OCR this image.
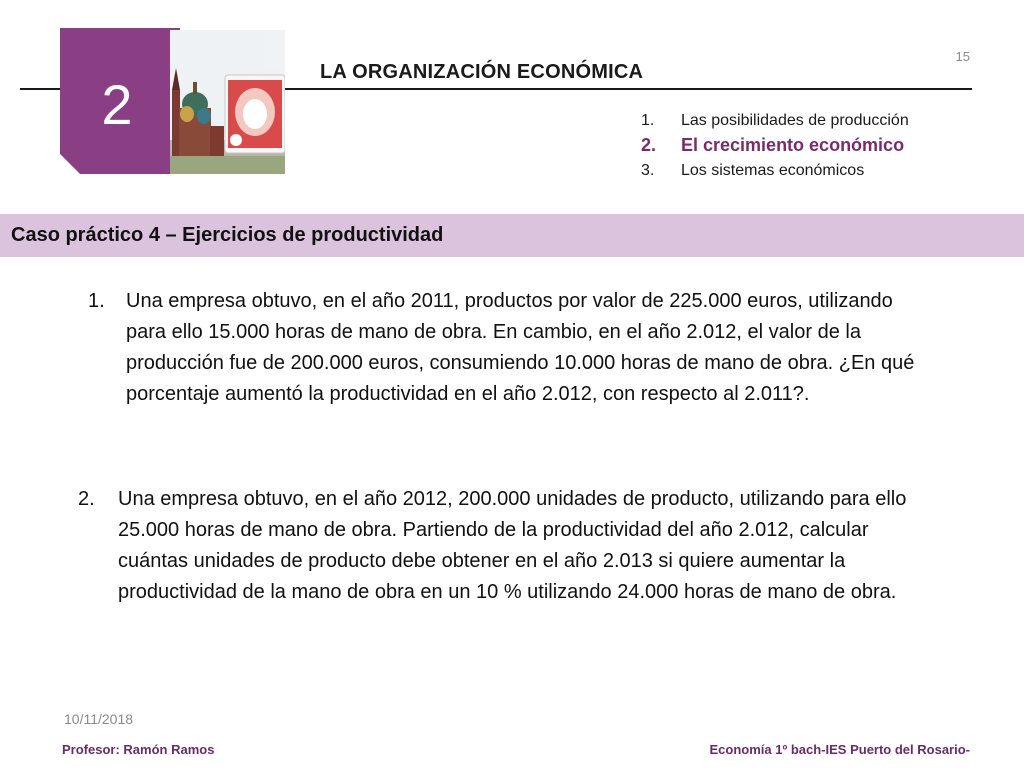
15
2
LA ORGANIZACIÓN ECONÓMICA
1.	Las posibilidades de producción
2.	El crecimiento económico
3.	Los sistemas económicos
Caso práctico 4 – Ejercicios de productividad
1.	Una empresa obtuvo, en el año 2011, productos por valor de 225.000 euros, utilizando para ello 15.000 horas de mano de obra. En cambio, en el año 2.012, el valor de la producción fue de 200.000 euros, consumiendo 10.000 horas de mano de obra. ¿En qué porcentaje aumentó la productividad en el año 2.012, con respecto al 2.011?.
2.	Una empresa obtuvo, en el año 2012, 200.000 unidades de producto, utilizando para ello 25.000 horas de mano de obra. Partiendo de la productividad del año 2.012, calcular cuántas unidades de producto debe obtener en el año 2.013 si quiere aumentar la productividad de la mano de obra en un 10 % utilizando 24.000 horas de mano de obra.
10/11/2018
Profesor: Ramón Ramos	Economía 1º bach-IES Puerto del Rosario-
